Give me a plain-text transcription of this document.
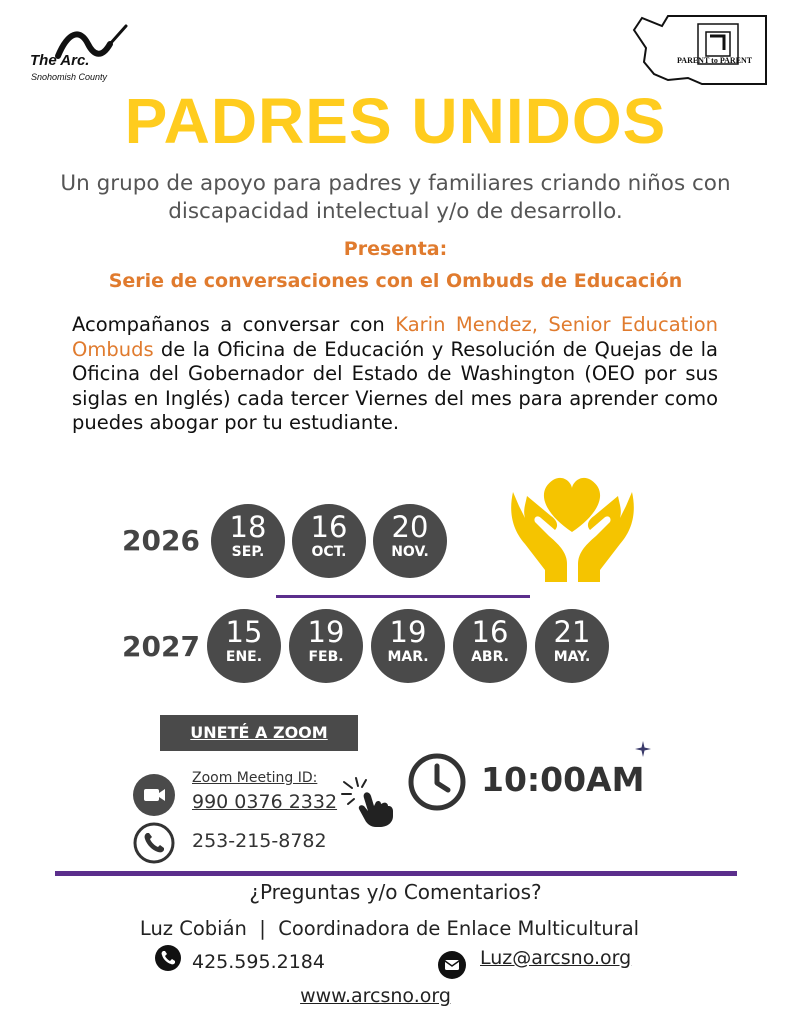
The Arc.
Snohomish County
PARENT to PARENT
PADRES UNIDOS
Un grupo de apoyo para padres y familiares criando niños con discapacidad intelectual y/o de desarrollo.
Presenta:
Serie de conversaciones con el Ombuds de Educación
Acompañanos a conversar con Karin Mendez, Senior Education Ombuds de la Oficina de Educación y Resolución de Quejas de la Oficina del Gobernador del Estado de Washington (OEO por sus siglas en Inglés) cada tercer Viernes del mes para aprender como puedes abogar por tu estudiante.
2026	18
SEP.
16
OCT.
20
NOV.
2027 15
ENE.
19
FEB.
19
MAR.
16
ABR.
21
MAY.
UNETÉ A ZOOM
Zoom Meeting ID:
990 0376 2332
253-215-8782
10:00AM
¿Preguntas y/o Comentarios?
Luz Cobián  |  Coordinadora de Enlace Multicultural
425.595.2184	Luz@arcsno.org
www.arcsno.org
